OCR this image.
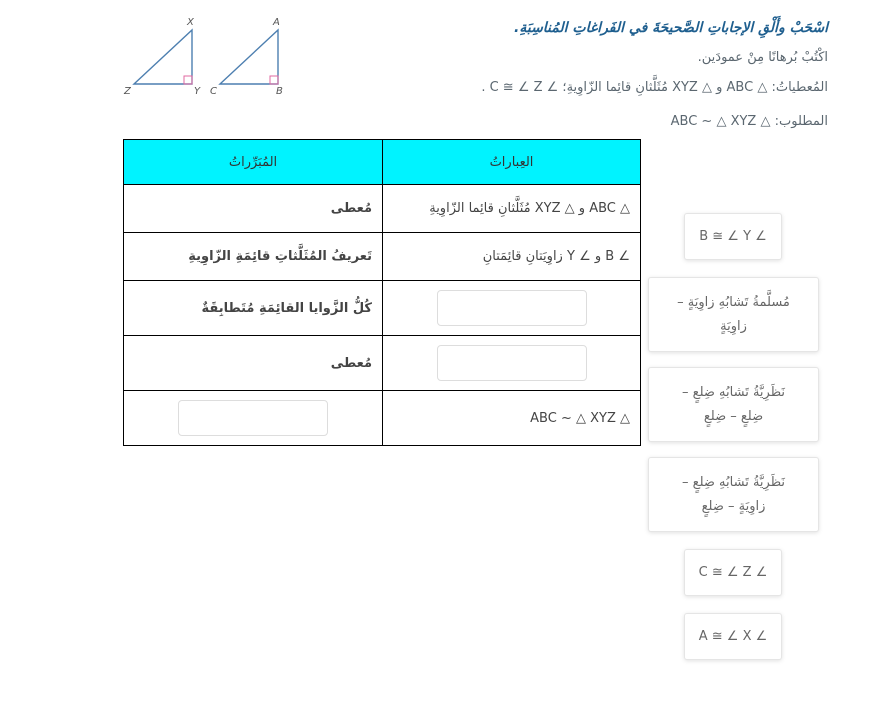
X
Z	Y
A
C	B
اسْحَبْ وأَلْقِ الإجاباتِ الصَّحيحَةَ في الفَراغاتِ المُناسِبَةِ.
اكْتُبْ بُرهانًا مِنْ عمودَين.
المُعطياتُ: △ ABC و △ XYZ مُثَلَّثانِ قائِما الزّاوِيةِ؛ ∠ C ≅ ∠ Z .
المطلوب: △ ABC ~ △ XYZ
العِباراتُ	المُبَرِّراتُ
△ ABC و △ XYZ مُثَلَّثانِ قائِما الزّاوِيةِ	مُعطى
∠ B و ∠ Y زاوِيَتانِ قائِمَتانِ	تَعريفُ المُثَلَّثاتِ قائِمَةِ الزّاوِيةِ
	كُلُّ الزَّوايا القائِمَةِ مُتَطابِقَةٌ
	مُعطى
△ ABC ~ △ XYZ	
∠ B ≅ ∠ Y
مُسلَّمةُ تَشابُهِ زاوِيَةٍ –
زاوِيَةٍ
نَظَرِيَّةُ تَشابُهِ ضِلعٍ –
ضِلعٍ – ضِلعٍ
نَظَرِيَّةُ تَشابُهِ ضِلعٍ –
زاوِيَةٍ – ضِلعٍ
∠ C ≅ ∠ Z
∠ A ≅ ∠ X
